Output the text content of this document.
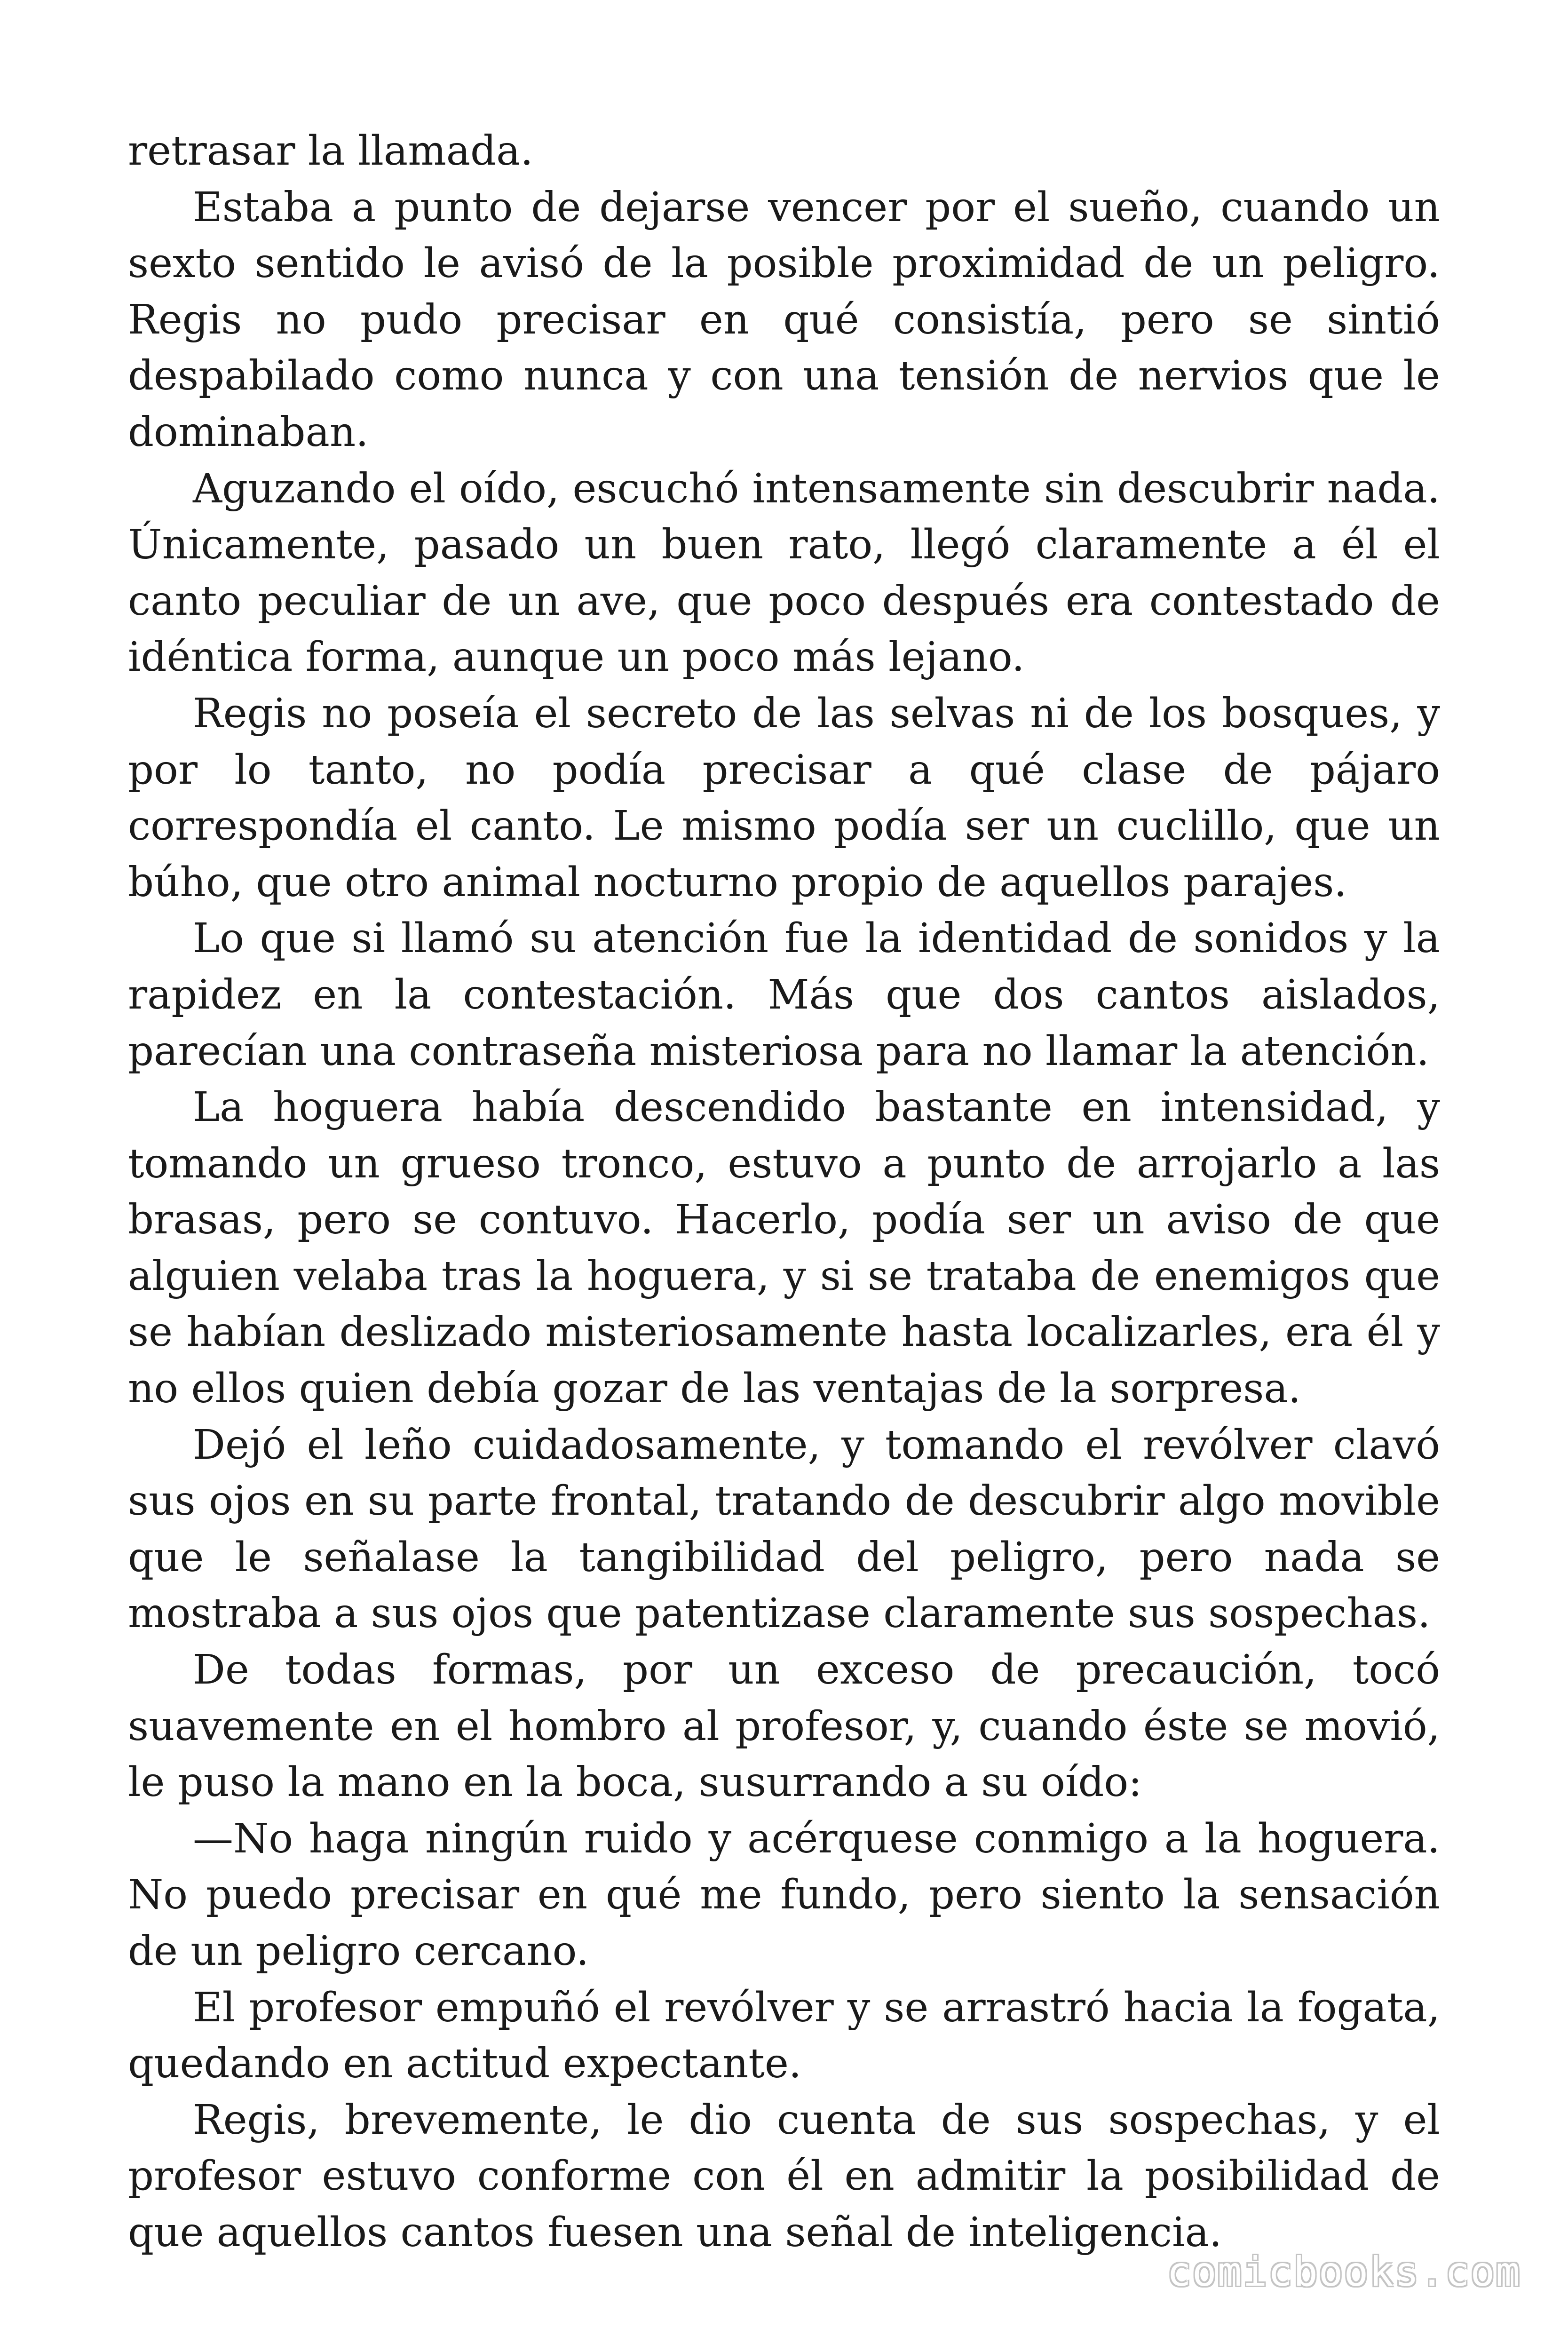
retrasar la llamada.

Estaba a punto de dejarse vencer por el sueño, cuando un sexto sentido le avisó de la posible proximidad de un peligro. Regis no pudo precisar en qué consistía, pero se sintió despabilado como nunca y con una tensión de nervios que le dominaban.

Aguzando el oído, escuchó intensamente sin descubrir nada. Únicamente, pasado un buen rato, llegó claramente a él el canto peculiar de un ave, que poco después era contestado de idéntica forma, aunque un poco más lejano.

Regis no poseía el secreto de las selvas ni de los bosques, y por lo tanto, no podía precisar a qué clase de pájaro correspondía el canto. Le mismo podía ser un cuclillo, que un búho, que otro animal nocturno propio de aquellos parajes.

Lo que si llamó su atención fue la identidad de sonidos y la rapidez en la contestación. Más que dos cantos aislados, parecían una contraseña misteriosa para no llamar la atención.

La hoguera había descendido bastante en intensidad, y tomando un grueso tronco, estuvo a punto de arrojarlo a las brasas, pero se contuvo. Hacerlo, podía ser un aviso de que alguien velaba tras la hoguera, y si se trataba de enemigos que se habían deslizado misteriosamente hasta localizarles, era él y no ellos quien debía gozar de las ventajas de la sorpresa.

Dejó el leño cuidadosamente, y tomando el revólver clavó sus ojos en su parte frontal, tratando de descubrir algo movible que le señalase la tangibilidad del peligro, pero nada se mostraba a sus ojos que patentizase claramente sus sospechas.

De todas formas, por un exceso de precaución, tocó suavemente en el hombro al profesor, y, cuando éste se movió, le puso la mano en la boca, susurrando a su oído:

—No haga ningún ruido y acérquese conmigo a la hoguera. No puedo precisar en qué me fundo, pero siento la sensación de un peligro cercano.

El profesor empuñó el revólver y se arrastró hacia la fogata, quedando en actitud expectante.

Regis, brevemente, le dio cuenta de sus sospechas, y el profesor estuvo conforme con él en admitir la posibilidad de que aquellos cantos fuesen una señal de inteligencia.

comicbooks.com
